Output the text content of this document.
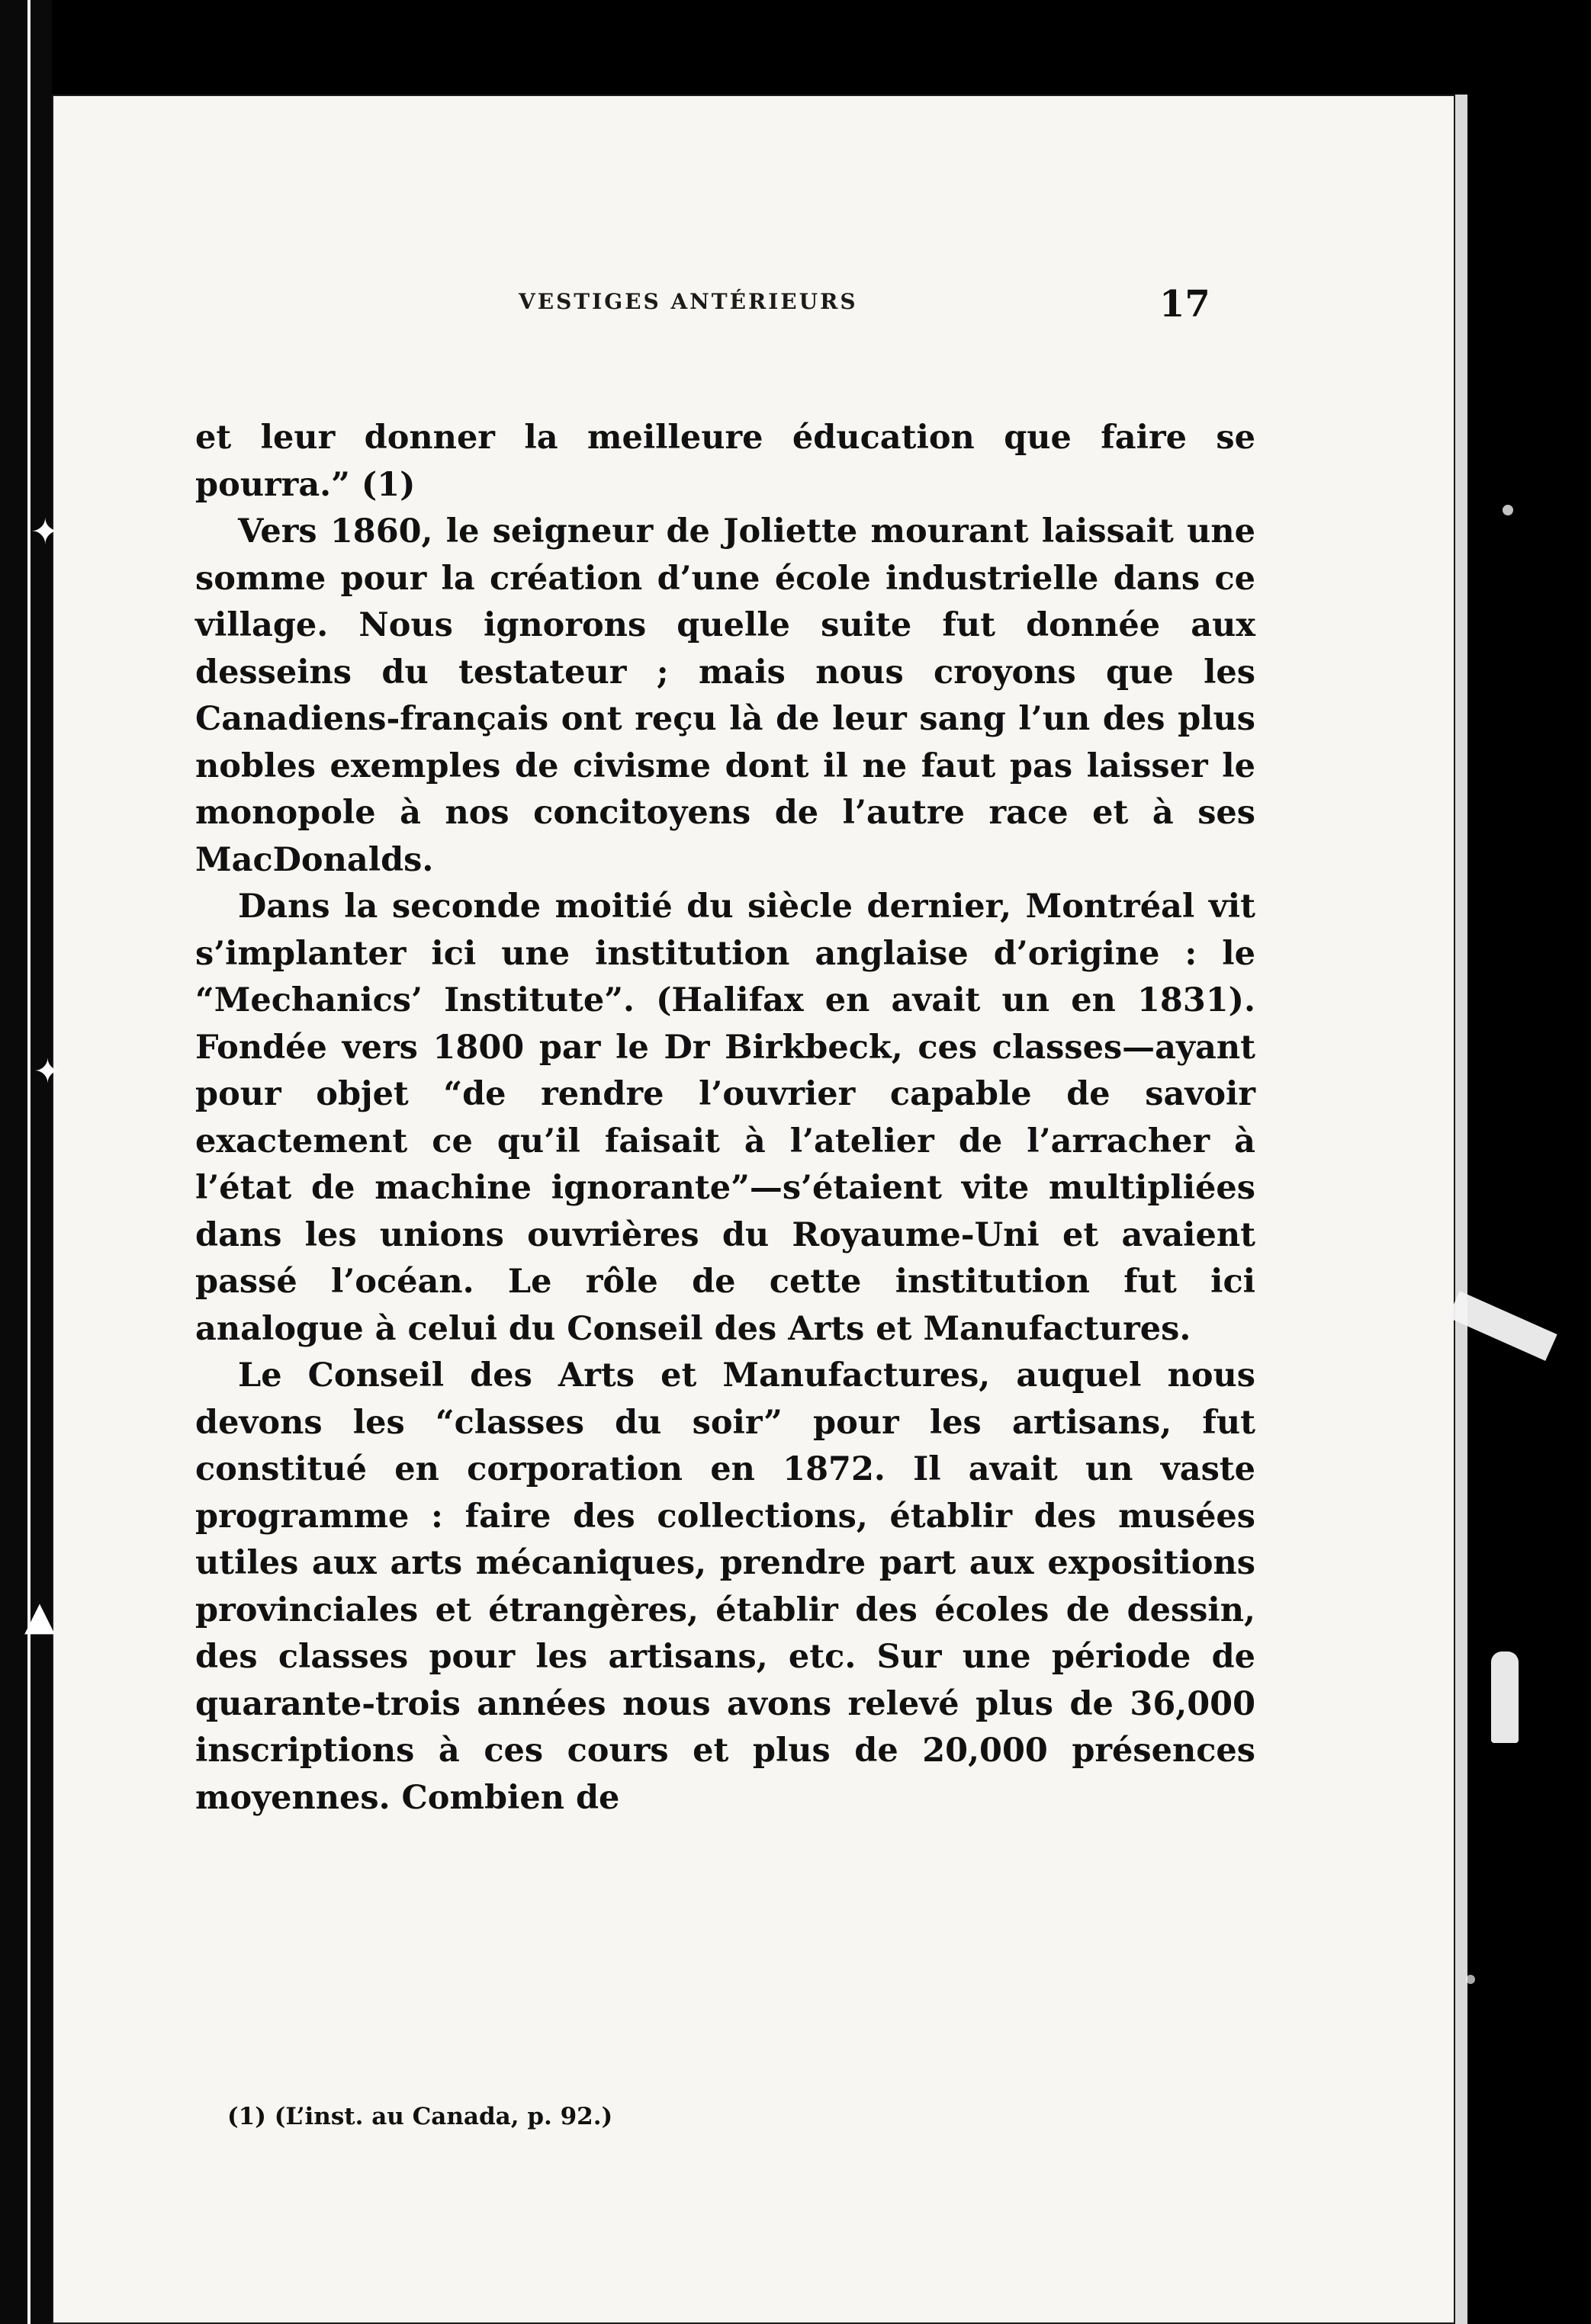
VESTIGES ANTÉRIEURS	17

et leur donner la meilleure éducation que faire se pourra.” (1)

Vers 1860, le seigneur de Joliette mourant laissait une somme pour la création d’une école industrielle dans ce village. Nous ignorons quelle suite fut donnée aux desseins du testateur ; mais nous croyons que les Canadiens-français ont reçu là de leur sang l’un des plus nobles exemples de civisme dont il ne faut pas laisser le monopole à nos concitoyens de l’autre race et à ses MacDonalds.

Dans la seconde moitié du siècle dernier, Montréal vit s’implanter ici une institution anglaise d’origine : le “Mechanics’ Institute”. (Halifax en avait un en 1831). Fondée vers 1800 par le Dr Birkbeck, ces classes—ayant pour objet “de rendre l’ouvrier capable de savoir exactement ce qu’il faisait à l’atelier de l’arracher à l’état de machine ignorante”—s’étaient vite multipliées dans les unions ouvrières du Royaume-Uni et avaient passé l’océan. Le rôle de cette institution fut ici analogue à celui du Conseil des Arts et Manufactures.

Le Conseil des Arts et Manufactures, auquel nous devons les “classes du soir” pour les artisans, fut constitué en corporation en 1872. Il avait un vaste programme : faire des collections, établir des musées utiles aux arts mécaniques, prendre part aux expositions provinciales et étrangères, établir des écoles de dessin, des classes pour les artisans, etc. Sur une période de quarante-trois années nous avons relevé plus de 36,000 inscriptions à ces cours et plus de 20,000 présences moyennes. Combien de

(1) (L’inst. au Canada, p. 92.)
✦
✦
▲
